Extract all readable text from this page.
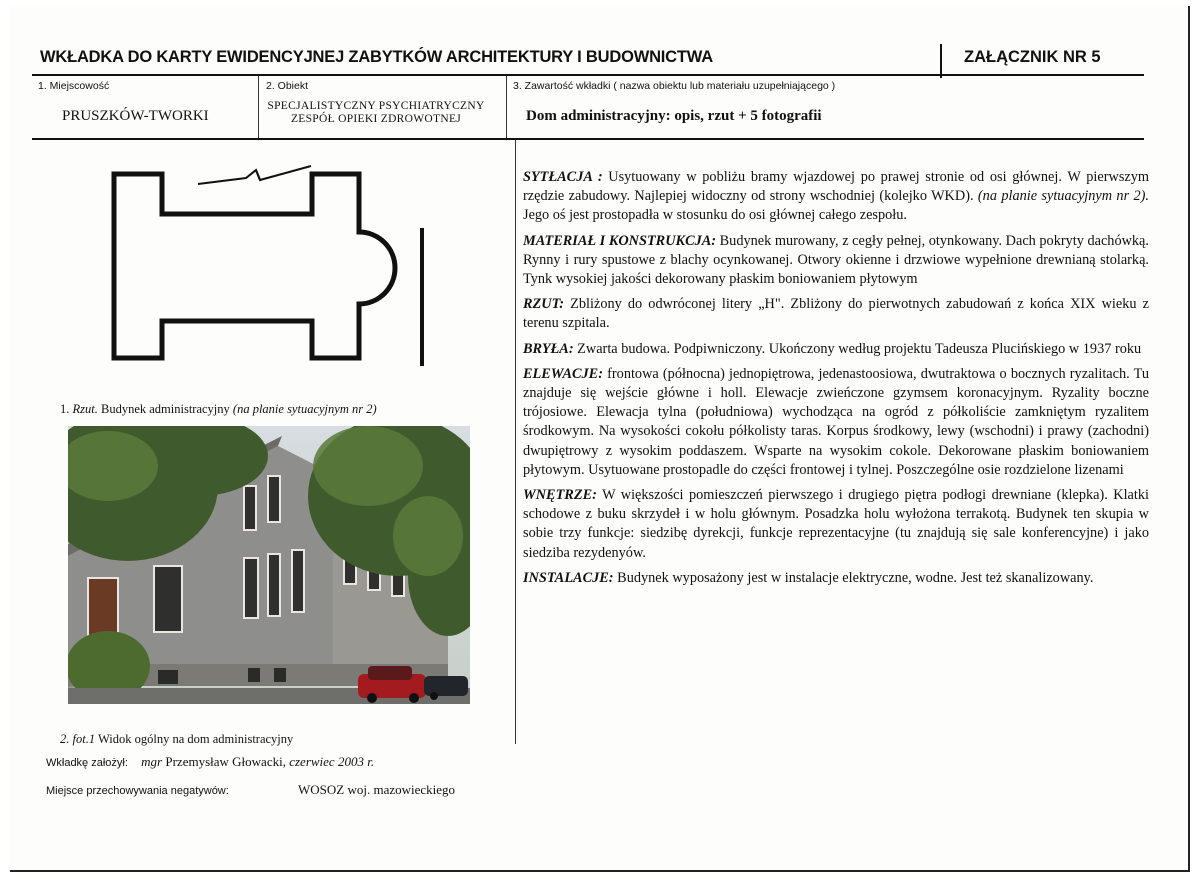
WKŁADKA DO KARTY EWIDENCYJNEJ ZABYTKÓW ARCHITEKTURY I BUDOWNICTWA	ZAŁĄCZNIK NR 5
1. Miejscowość
PRUSZKÓW-TWORKI
2. Obiekt
SPECJALISTYCZNY PSYCHIATRYCZNY ZESPÓŁ OPIEKI ZDROWOTNEJ
3. Zawartość wkładki ( nazwa obiektu lub materiału uzupełniającego )
Dom administracyjny: opis, rzut + 5 fotografii
1. Rzut. Budynek administracyjny (na planie sytuacyjnym nr 2)
2. fot.1 Widok ogólny na dom administracyjny
Wkładkę założył: mgr Przemysław Głowacki, czerwiec 2003 r.
Miejsce przechowywania negatywów:	WOSOZ woj. mazowieckiego

SYTŁACJA : Usytuowany w pobliżu bramy wjazdowej po prawej stronie od osi głównej. W pierwszym rzędzie zabudowy. Najlepiej widoczny od strony wschodniej (kolejko WKD). (na planie sytuacyjnym nr 2). Jego oś jest prostopadła w stosunku do osi głównej całego zespołu.

MATERIAŁ I KONSTRUKCJA: Budynek murowany, z cegły pełnej, otynkowany. Dach pokryty dachówką. Rynny i rury spustowe z blachy ocynkowanej. Otwory okienne i drzwiowe wypełnione drewnianą stolarką. Tynk wysokiej jakości dekorowany płaskim boniowaniem płytowym

RZUT: Zbliżony do odwróconej litery „H". Zbliżony do pierwotnych zabudowań z końca XIX wieku z terenu szpitala.

BRYŁA: Zwarta budowa. Podpiwniczony. Ukończony według projektu Tadeusza Plucińskiego w 1937 roku

ELEWACJE: frontowa (północna) jednopiętrowa, jedenastoosiowa, dwutraktowa o bocznych ryzalitach. Tu znajduje się wejście główne i holl. Elewacje zwieńczone gzymsem koronacyjnym. Ryzality boczne trójosiowe. Elewacja tylna (południowa) wychodząca na ogród z półkoliście zamkniętym ryzalitem środkowym. Na wysokości cokołu półkolisty taras. Korpus środkowy, lewy (wschodni) i prawy (zachodni) dwupiętrowy z wysokim poddaszem. Wsparte na wysokim cokole. Dekorowane płaskim boniowaniem płytowym. Usytuowane prostopadle do części frontowej i tylnej. Poszczególne osie rozdzielone lizenami

WNĘTRZE: W większości pomieszczeń pierwszego i drugiego piętra podłogi drewniane (klepka). Klatki schodowe z buku skrzydeł i w holu głównym. Posadzka holu wyłożona terrakotą. Budynek ten skupia w sobie trzy funkcje: siedzibę dyrekcji, funkcje reprezentacyjne (tu znajdują się sale konferencyjne) i jako siedziba rezydenyów.

INSTALACJE: Budynek wyposażony jest w instalacje elektryczne, wodne. Jest też skanalizowany.
